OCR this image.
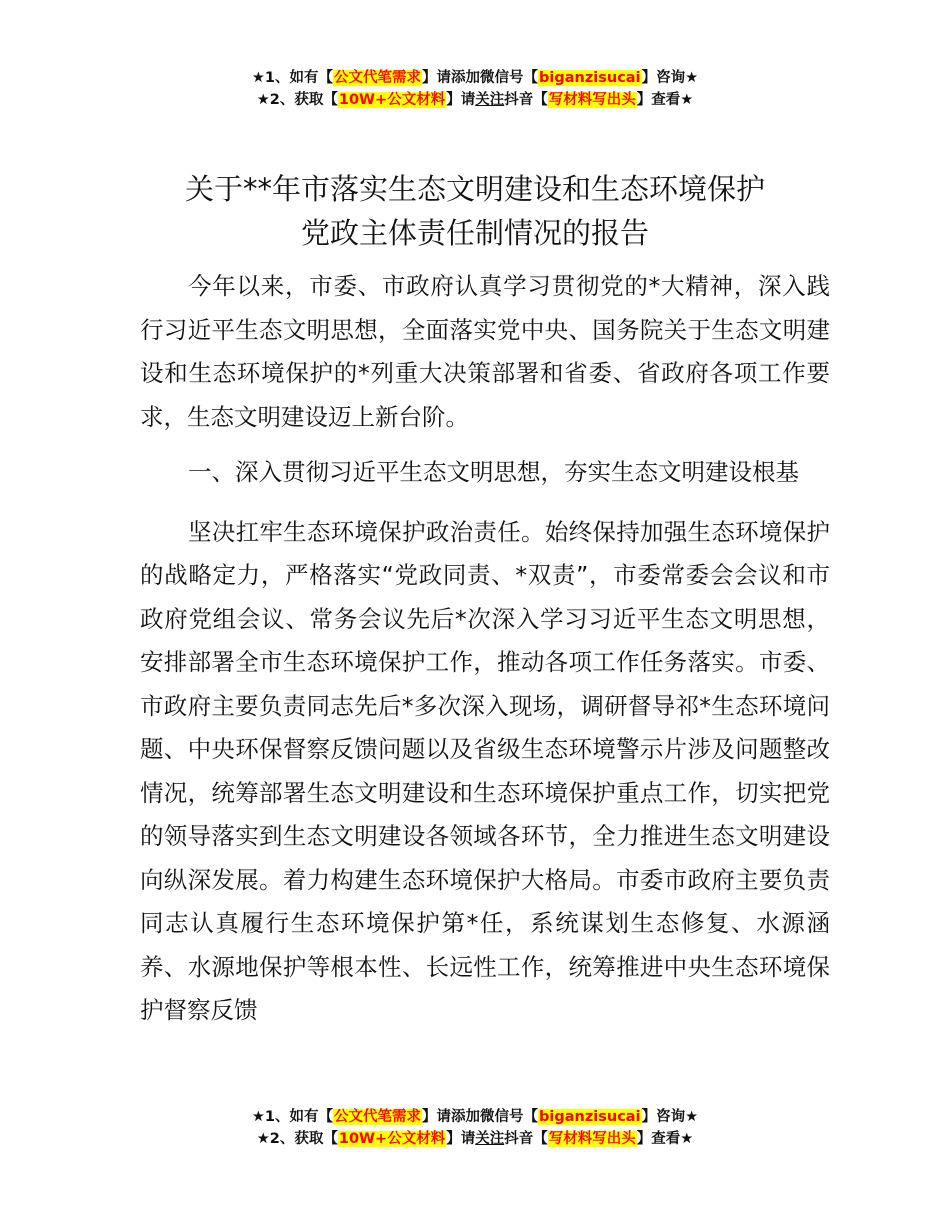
★1、如有【公文代笔需求】请添加微信号【biganzisucai】咨询★
★2、获取【10W+公文材料】请关注抖音【写材料写出头】查看★
关于**年市落实生态文明建设和生态环境保护
党政主体责任制情况的报告

今年以来，市委、市政府认真学习贯彻党的*大精神，深入践行习近平生态文明思想，全面落实党中央、国务院关于生态文明建设和生态环境保护的*列重大决策部署和省委、省政府各项工作要求，生态文明建设迈上新台阶。

一、深入贯彻习近平生态文明思想，夯实生态文明建设根基

坚决扛牢生态环境保护政治责任。始终保持加强生态环境保护的战略定力，严格落实“党政同责、*双责”，市委常委会会议和市政府党组会议、常务会议先后*次深入学习习近平生态文明思想，安排部署全市生态环境保护工作，推动各项工作任务落实。市委、市政府主要负责同志先后*多次深入现场，调研督导祁*生态环境问题、中央环保督察反馈问题以及省级生态环境警示片涉及问题整改情况，统筹部署生态文明建设和生态环境保护重点工作，切实把党的领导落实到生态文明建设各领域各环节，全力推进生态文明建设向纵深发展。着力构建生态环境保护大格局。市委市政府主要负责同志认真履行生态环境保护第*任，系统谋划生态修复、水源涵养、水源地保护等根本性、长远性工作，统筹推进中央生态环境保护督察反馈

★1、如有【公文代笔需求】请添加微信号【biganzisucai】咨询★
★2、获取【10W+公文材料】请关注抖音【写材料写出头】查看★
